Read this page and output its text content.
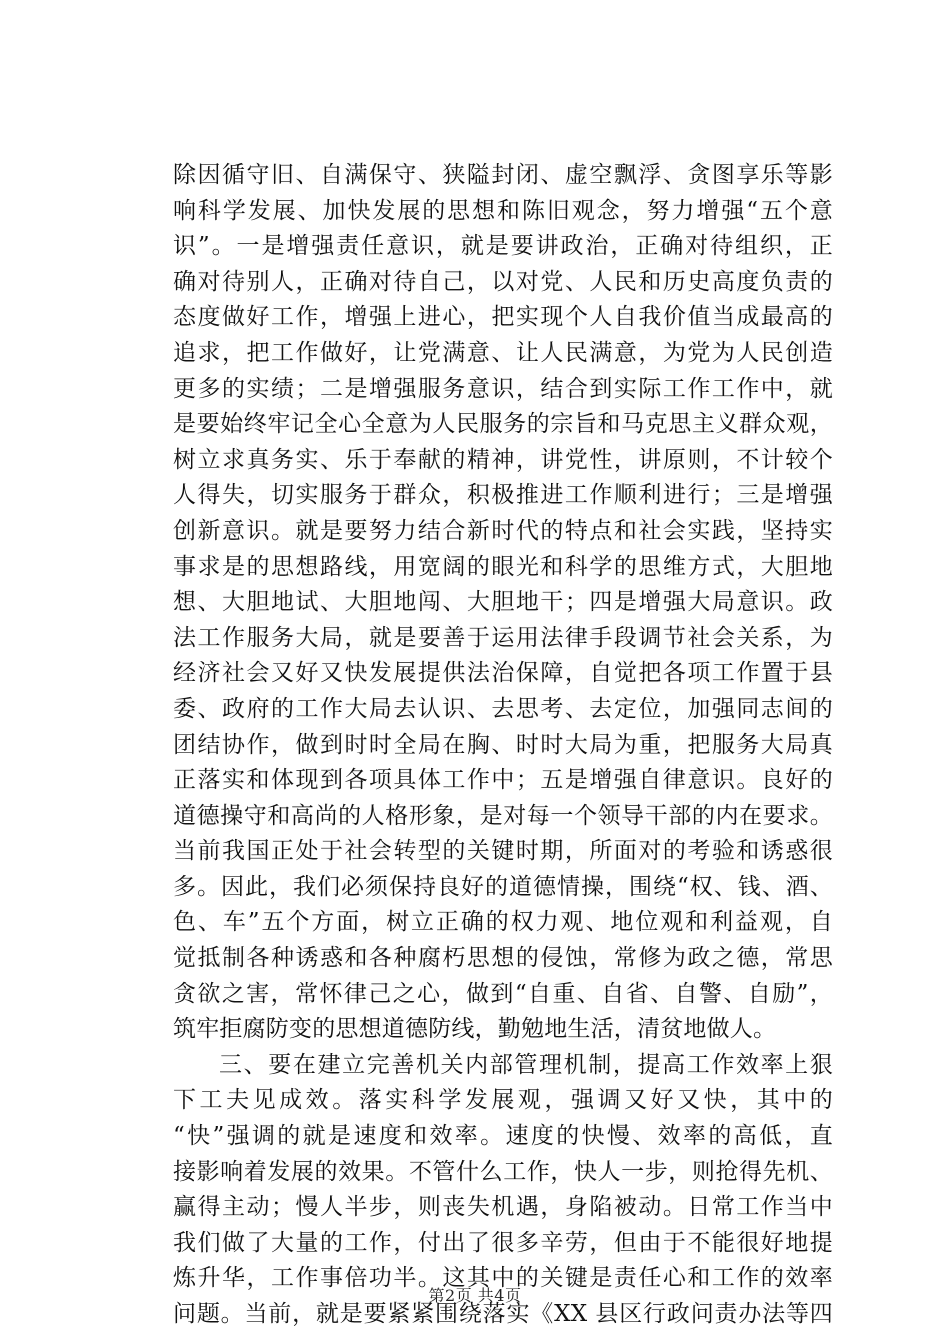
除因循守旧、自满保守、狭隘封闭、虚空飘浮、贪图享乐等影
响科学发展、加快发展的思想和陈旧观念，努力增强“五个意
识”。一是增强责任意识，就是要讲政治，正确对待组织，正
确对待别人，正确对待自己，以对党、人民和历史高度负责的
态度做好工作，增强上进心，把实现个人自我价值当成最高的
追求，把工作做好，让党满意、让人民满意，为党为人民创造
更多的实绩；二是增强服务意识，结合到实际工作工作中，就
是要始终牢记全心全意为人民服务的宗旨和马克思主义群众观，
树立求真务实、乐于奉献的精神，讲党性，讲原则，不计较个
人得失，切实服务于群众，积极推进工作顺利进行；三是增强
创新意识。就是要努力结合新时代的特点和社会实践，坚持实
事求是的思想路线，用宽阔的眼光和科学的思维方式，大胆地
想、大胆地试、大胆地闯、大胆地干；四是增强大局意识。政
法工作服务大局，就是要善于运用法律手段调节社会关系，为
经济社会又好又快发展提供法治保障，自觉把各项工作置于县
委、政府的工作大局去认识、去思考、去定位，加强同志间的
团结协作，做到时时全局在胸、时时大局为重，把服务大局真
正落实和体现到各项具体工作中；五是增强自律意识。良好的
道德操守和高尚的人格形象，是对每一个领导干部的内在要求。
当前我国正处于社会转型的关键时期，所面对的考验和诱惑很
多。因此，我们必须保持良好的道德情操，围绕“权、钱、酒、
色、车”五个方面，树立正确的权力观、地位观和利益观，自
觉抵制各种诱惑和各种腐朽思想的侵蚀，常修为政之德，常思
贪欲之害，常怀律己之心，做到“自重、自省、自警、自励”，
筑牢拒腐防变的思想道德防线，勤勉地生活，清贫地做人。
三、要在建立完善机关内部管理机制，提高工作效率上狠
下工夫见成效。落实科学发展观，强调又好又快，其中的
“快”强调的就是速度和效率。速度的快慢、效率的高低，直
接影响着发展的效果。不管什么工作，快人一步，则抢得先机、
赢得主动；慢人半步，则丧失机遇，身陷被动。日常工作当中
我们做了大量的工作，付出了很多辛劳，但由于不能很好地提
炼升华，工作事倍功半。这其中的关键是责任心和工作的效率
问题。当前，就是要紧紧围绕落实《XX 县区行政问责办法等四
第2页 共4页
